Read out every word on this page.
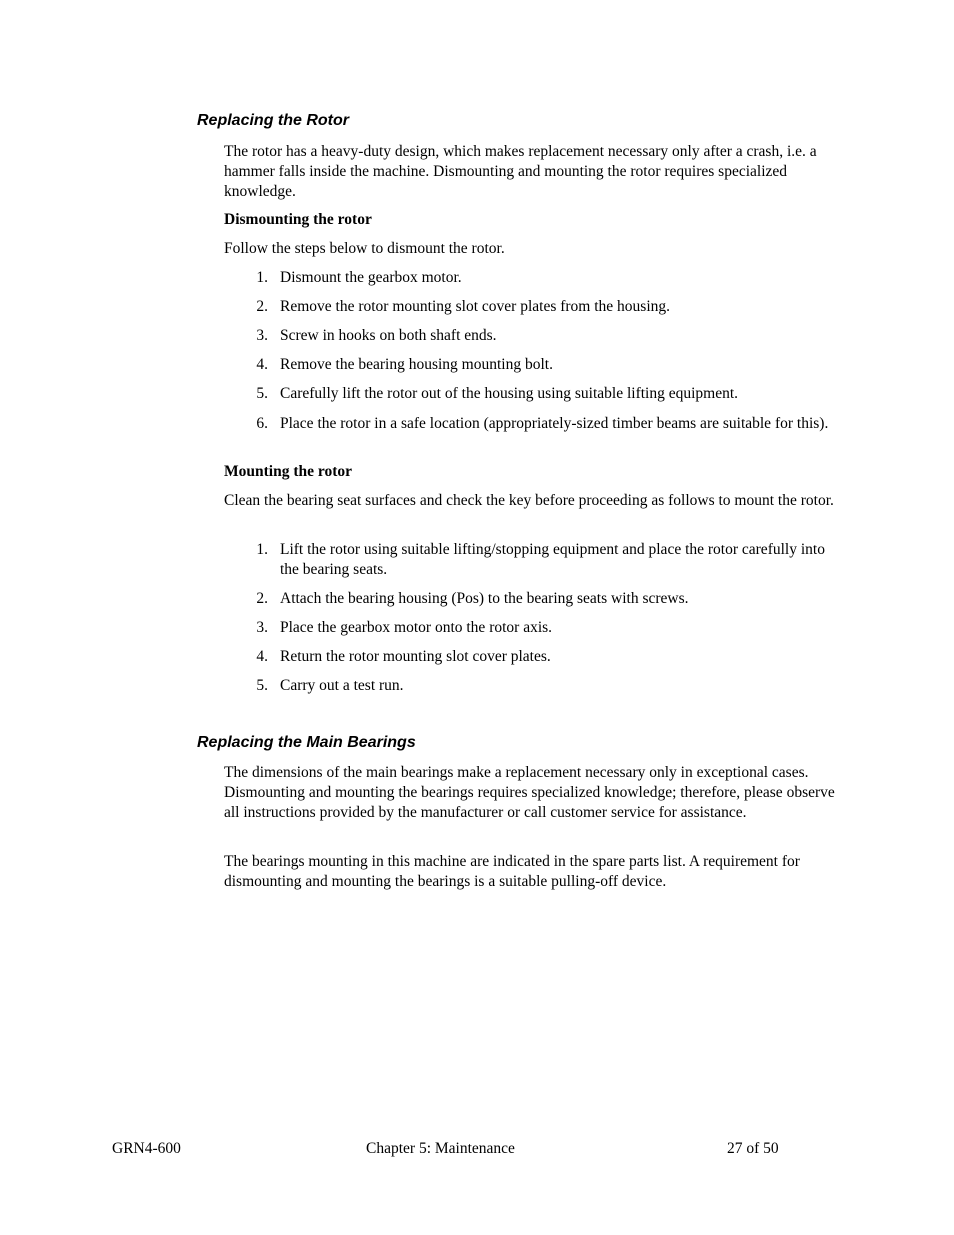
Replacing the Rotor

The rotor has a heavy-duty design, which makes replacement necessary only after a crash, i.e. a hammer falls inside the machine. Dismounting and mounting the rotor requires specialized knowledge.

Dismounting the rotor

Follow the steps below to dismount the rotor.

1. Dismount the gearbox motor.
2. Remove the rotor mounting slot cover plates from the housing.
3. Screw in hooks on both shaft ends.
4. Remove the bearing housing mounting bolt.
5. Carefully lift the rotor out of the housing using suitable lifting equipment.
6. Place the rotor in a safe location (appropriately-sized timber beams are suitable for this).
Mounting the rotor

Clean the bearing seat surfaces and check the key before proceeding as follows to mount the rotor.

1. Lift the rotor using suitable lifting/stopping equipment and place the rotor carefully into the bearing seats.
2. Attach the bearing housing (Pos) to the bearing seats with screws.
3. Place the gearbox motor onto the rotor axis.
4. Return the rotor mounting slot cover plates.
5. Carry out a test run.
Replacing the Main Bearings

The dimensions of the main bearings make a replacement necessary only in exceptional cases. Dismounting and mounting the bearings requires specialized knowledge; therefore, please observe all instructions provided by the manufacturer or call customer service for assistance.

The bearings mounting in this machine are indicated in the spare parts list. A requirement for dismounting and mounting the bearings is a suitable pulling-off device.

GRN4-600	Chapter 5: Maintenance	27 of 50
